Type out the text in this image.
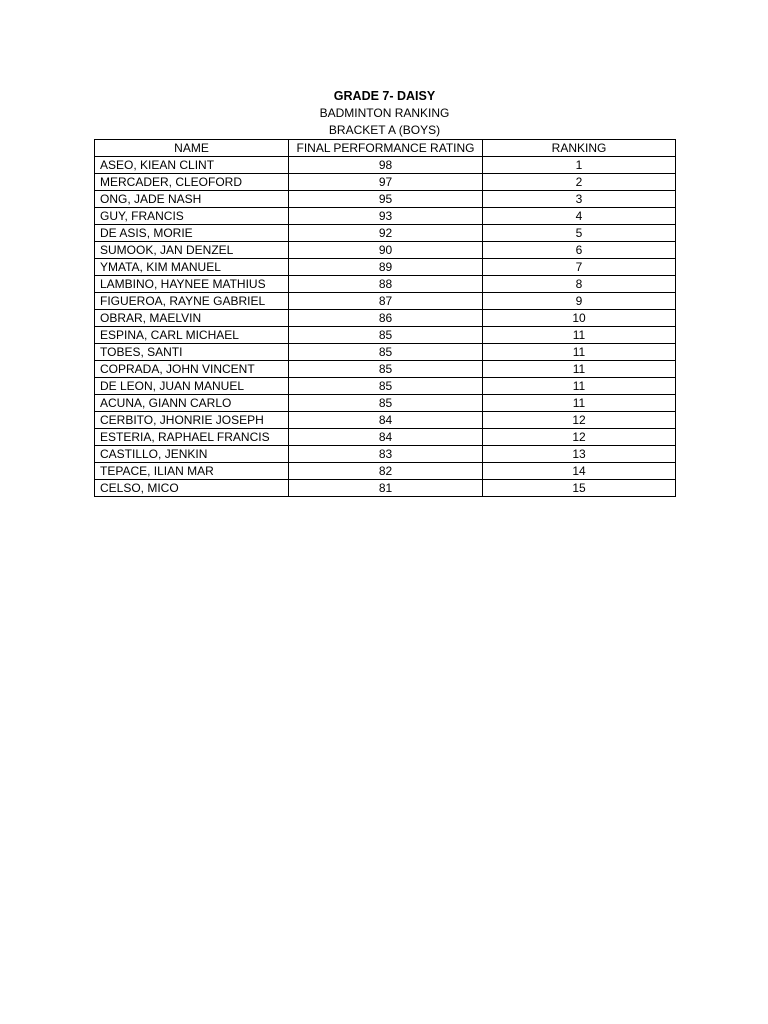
GRADE 7- DAISY
BADMINTON RANKING
BRACKET A (BOYS)
NAME	FINAL PERFORMANCE RATING	RANKING
ASEO, KIEAN CLINT	98	1
MERCADER, CLEOFORD	97	2
ONG, JADE NASH	95	3
GUY, FRANCIS	93	4
DE ASIS, MORIE	92	5
SUMOOK, JAN DENZEL	90	6
YMATA, KIM MANUEL	89	7
LAMBINO, HAYNEE MATHIUS	88	8
FIGUEROA, RAYNE GABRIEL	87	9
OBRAR, MAELVIN	86	10
ESPINA, CARL MICHAEL	85	11
TOBES, SANTI	85	11
COPRADA, JOHN VINCENT	85	11
DE LEON, JUAN MANUEL	85	11
ACUNA, GIANN CARLO	85	11
CERBITO, JHONRIE JOSEPH	84	12
ESTERIA, RAPHAEL FRANCIS	84	12
CASTILLO, JENKIN	83	13
TEPACE, ILIAN MAR	82	14
CELSO, MICO	81	15
